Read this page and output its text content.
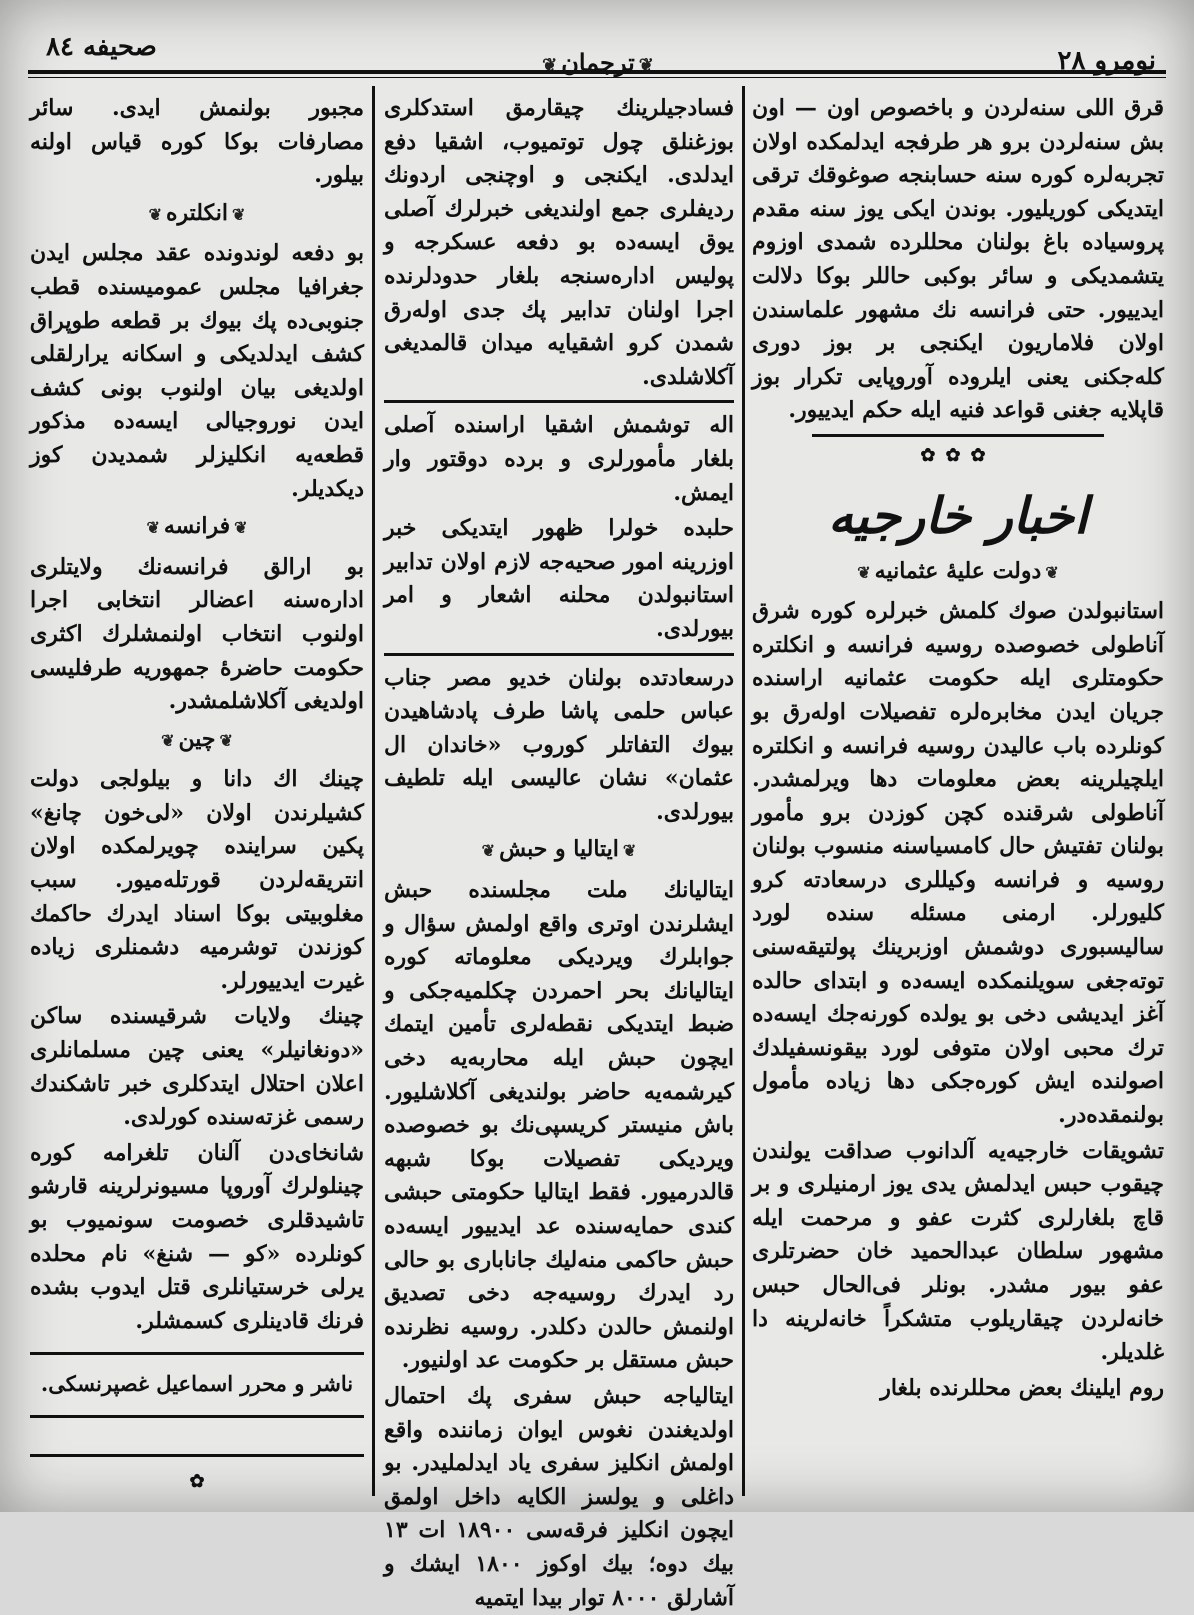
صحیفه ۸٤
❦ترجمان❦	نومرو ۲۸

قرق اللی سنه‌لردن و باخصوص اون — اون بش سنه‌لردن برو هر طرفجه ایدلمکده اولان تجربه‌لره کوره سنه حسابنجه صوغوقك ترقی ایتدیکی کوریلیور. بوندن ایکی یوز سنه مقدم پروسیاده باغ بولنان محللرده شمدی اوزوم یتشمدیکی و سائر بوکبی حاللر بوکا دلالت ایدییور. حتی فرانسه نك مشهور علماسندن اولان فلاماریون ایکنجی بر بوز دوری کله‌جکنی یعنی ایلروده آوروپایی تکرار بوز قاپلایه جغنی قواعد فنیه ایله حکم ایدییور.

✿✿✿
اخبار خارجیه
❦دولت علیهٔ عثمانیه❦

استانبولدن صوك کلمش خبرلره کوره شرق آناطولی خصوصده روسیه فرانسه و انکلتره حکومتلری ایله حکومت عثمانیه اراسنده جریان ایدن مخابره‌لره تفصیلات اوله‌رق بو کونلرده باب عالیدن روسیه فرانسه و انکلتره ایلچیلرینه بعض معلومات دها ویرلمشدر. آناطولی شرقنده کچن کوزدن برو مأمور بولنان تفتیش حال کامسیاسنه منسوب بولنان روسیه و فرانسه وکیللری درسعادته کرو کلیورلر. ارمنی مسئله سنده لورد سالیسبوری دوشمش اوزبرینك پولتیقه‌سنی توته‌جغی سویلنمکده ایسه‌ده و ابتدای حالده آغز ایدیشی دخی بو یولده کورنه‌جك ایسه‌ده ترك محبی اولان متوفی لورد بیقونسفیلدك اصولنده ایش کوره‌جکی دها زیاده مأمول بولنمقده‌در.

تشویقات خارجیه‌یه آلدانوب صداقت یولندن چیقوب حبس ایدلمش یدی یوز ارمنیلری و بر قاچ بلغارلری کثرت عفو و مرحمت ایله مشهور سلطان عبدالحمید خان حضرتلری عفو بیور مشدر. بونلر فی‌الحال حبس خانه‌لردن چیقاریلوب متشکراً خانه‌لرینه دا غلدیلر.

روم ایلینك بعض محللرنده بلغار

فسادجیلرینك چیقارمق استدکلری بوزغنلق چول توتمیوب، اشقیا دفع ایدلدی. ایکنجی و اوچنجی اردونك ردیفلری جمع اولندیغی خبرلرك آصلی یوق ایسه‌ده بو دفعه عسکرجه و پولیس اداره‌سنجه بلغار حدودلرنده اجرا اولنان تدابیر پك جدی اوله‌رق شمدن کرو اشقیایه میدان قالمدیغی آکلاشلدی.

اله توشمش اشقیا اراسنده آصلی بلغار مأمورلری و برده دوقتور وار ایمش.

حلبده خولرا ظهور ایتدیکی خبر اوزرینه امور صحیه‌جه لازم اولان تدابیر استانبولدن محلنه اشعار و امر بیورلدی.

درسعادتده بولنان خدیو مصر جناب عباس حلمی پاشا طرف پادشاهیدن بیوك التفاتلر کوروب «خاندان ال عثمان» نشان عالیسی ایله تلطیف بیورلدی.

❦ایتالیا و حبش❦

ایتالیانك ملت مجلسنده حبش ایشلرندن اوتری واقع اولمش سؤال و جوابلرك ویردیکی معلوماته کوره ایتالیانك بحر احمردن چکلمیه‌جکی و ضبط ایتدیکی نقطه‌لری تأمین ایتمك ایچون حبش ایله محاربه‌یه دخی کیرشمه‌یه حاضر بولندیغی آکلاشلیور. باش منیستر کریسپی‌نك بو خصوصده ویردیکی تفصیلات بوکا شبهه قالدرمیور. فقط ایتالیا حکومتی حبشی کندی حمایه‌سنده عد ایدییور ایسه‌ده حبش حاکمی منه‌لیك جاناباری بو حالی رد ایدرك روسیه‌جه دخی تصدیق اولنمش حالدن دکلدر. روسیه نظرنده حبش مستقل بر حکومت عد اولنیور.

ایتالیاجه حبش سفری پك احتمال اولدیغندن نغوس ایوان زماننده واقع اولمش انکلیز سفری یاد ایدلملیدر. بو داغلی و یولسز الکایه داخل اولمق ایچون انکلیز فرقه‌سی ۱۸۹۰۰ ات ۱۳ بیك دوه؛ بیك اوکوز ۱۸۰۰ ایشك و آشارلق ۸۰۰۰ توار بیدا ایتمیه

مجبور بولنمش ایدی. سائر مصارفات بوکا کوره قیاس اولنه بیلور.

❦انکلتره❦

بو دفعه لوندونده عقد مجلس ایدن جغرافیا مجلس عمومیسنده قطب جنوبی‌ده پك بیوك بر قطعه طوپراق کشف ایدلدیکی و اسکانه یرارلقلی اولدیغی بیان اولنوب بونی کشف ایدن نوروجیالی ایسه‌ده مذکور قطعه‌یه انکلیزلر شمدیدن کوز دیکدیلر.

❦فرانسه❦

بو ارالق فرانسه‌نك ولایتلری اداره‌سنه اعضالر انتخابی اجرا اولنوب انتخاب اولنمشلرك اکثری حکومت حاضرهٔ جمهوریه طرفلیسی اولدیغی آکلاشلمشدر.

❦چین❦

چینك اك دانا و بیلولجی دولت کشیلرندن اولان «لی‌خون چانغ» پکین سراینده چویرلمکده اولان انتریقه‌لردن قورتله‌میور. سبب مغلوبیتی بوکا اسناد ایدرك حاکمك کوزندن توشرمیه دشمنلری زیاده غیرت ایدییورلر.

چینك ولایات شرقیسنده ساکن «دونغانیلر» یعنی چین مسلمانلری اعلان احتلال ایتدکلری خبر تاشکندك رسمی غزته‌سنده کورلدی.

شانخای‌دن آلنان تلغرامه کوره چینلولرك آوروپا مسیونرلرینه قارشو تاشیدقلری خصومت سونمیوب بو کونلرده «کو — شنغ» نام محلده یرلی خرستیانلری قتل ایدوب بشده فرنك قادینلری کسمشلر.

ناشر و محرر اسماعیل غصپرنسکی.
✿
